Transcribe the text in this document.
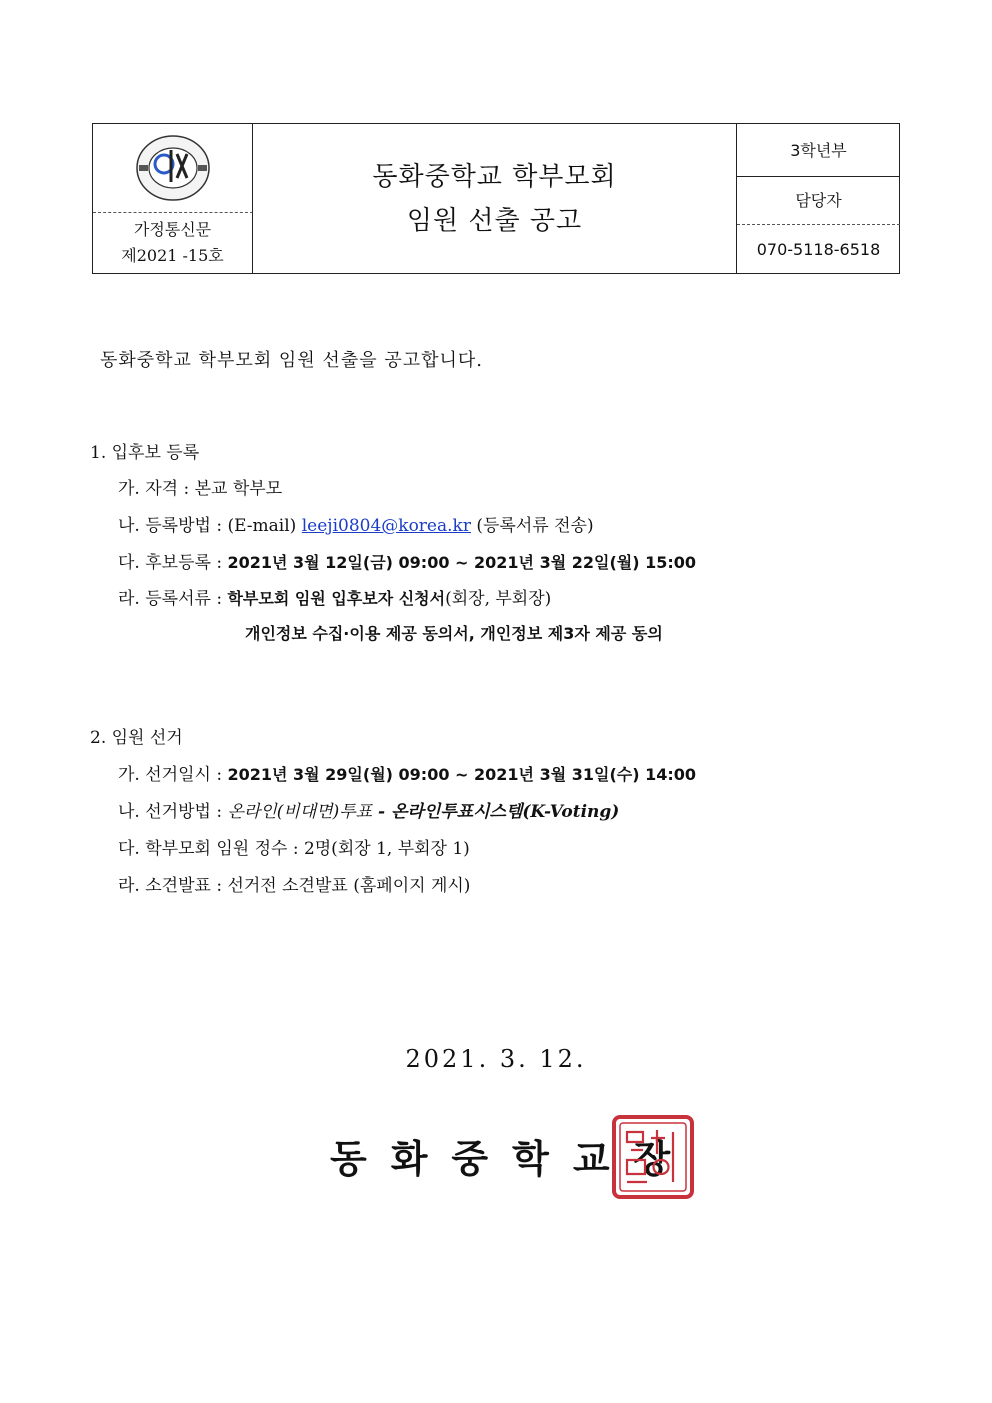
가정통신문
제2021 -15호
동화중학교 학부모회
임원 선출 공고
3학년부
담당자
070-5118-6518
동화중학교 학부모회 임원 선출을 공고합니다.
1. 입후보 등록
가. 자격 : 본교 학부모
나. 등록방법 : (E-mail) leeji0804@korea.kr (등록서류 전송)
다. 후보등록 : 2021년 3월 12일(금) 09:00 ~ 2021년 3월 22일(월) 15:00
라. 등록서류 : 학부모회 임원 입후보자 신청서(회장, 부회장)
개인정보 수집·이용 제공 동의서, 개인정보 제3자 제공 동의
2. 임원 선거
가. 선거일시 : 2021년 3월 29일(월) 09:00 ~ 2021년 3월 31일(수) 14:00
나. 선거방법 : 온라인(비대면)투표 - 온라인투표시스템(K-Voting)
다. 학부모회 임원 정수 : 2명(회장 1, 부회장 1)
라. 소견발표 : 선거전 소견발표 (홈페이지 게시)
2021. 3. 12.
동화중학교장
